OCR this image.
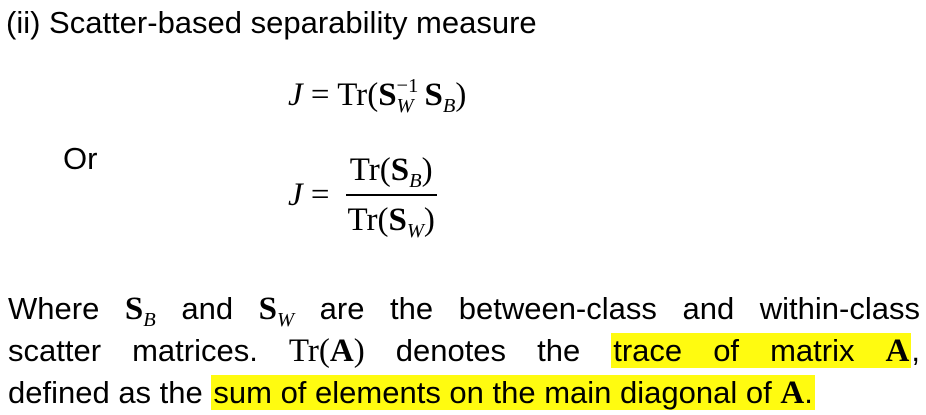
(ii) Scatter-based separability measure
J = Tr(S −1
W $S_B$)
Or
$J = \frac{Tr(S_B)}{Tr(S_W)}$
Where $S_B$ and $S_W$ are the between-class and within-class
scatter matrices. Tr(A) denotes the trace of matrix A,
defined as the sum of elements on the main diagonal of A.
